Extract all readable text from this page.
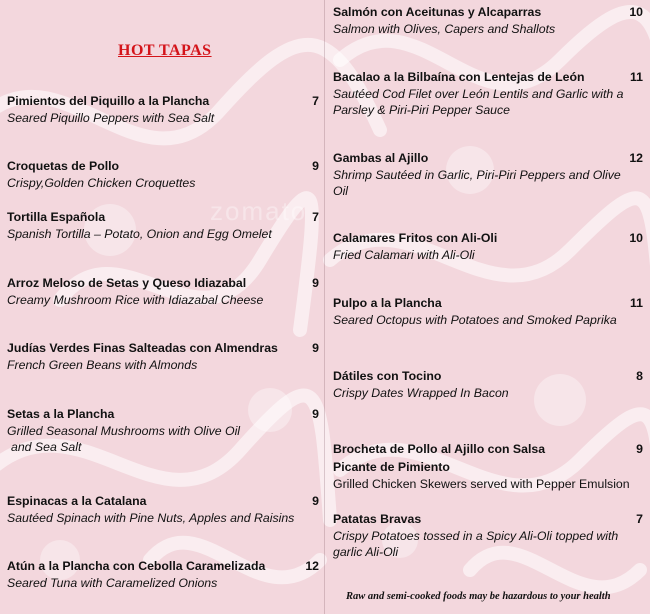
zomato
HOT TAPAS
Pimientos del Piquillo a la Plancha
Seared Piquillo Peppers with Sea Salt
7
Croquetas de Pollo
Crispy,Golden Chicken Croquettes
9
Tortilla Española
Spanish Tortilla – Potato, Onion and Egg Omelet
7
Arroz Meloso de Setas y Queso Idiazabal
Creamy Mushroom Rice with Idiazabal Cheese
9
Judías Verdes Finas Salteadas con Almendras
French Green Beans with Almonds
9
Setas a la Plancha
Grilled Seasonal Mushrooms with Olive Oil
and Sea Salt
9
Espinacas a la Catalana
Sautéed Spinach with Pine Nuts, Apples and Raisins
9
Atún a la Plancha con Cebolla Caramelizada
Seared Tuna with Caramelized Onions
12
Salmón con Aceitunas y Alcaparras
Salmon with Olives, Capers and Shallots
10
Bacalao a la Bilbaína con Lentejas de León
Sautéed Cod Filet over León Lentils and Garlic with a Parsley & Piri-Piri Pepper Sauce
11
Gambas al Ajillo
Shrimp Sautéed in Garlic, Piri-Piri Peppers and Olive Oil
12
Calamares Fritos con Ali-Oli
Fried Calamari with Ali-Oli
10
Pulpo a la Plancha
Seared Octopus with Potatoes and Smoked Paprika
11
Dátiles con Tocino
Crispy Dates Wrapped In Bacon
8
Brocheta de Pollo al Ajillo con Salsa
Picante de Pimiento
Grilled Chicken Skewers served with Pepper Emulsion
9
Patatas Bravas
Crispy Potatoes tossed in a Spicy Ali-Oli topped with garlic Ali-Oli
7
Raw and semi-cooked foods may be hazardous to your health
